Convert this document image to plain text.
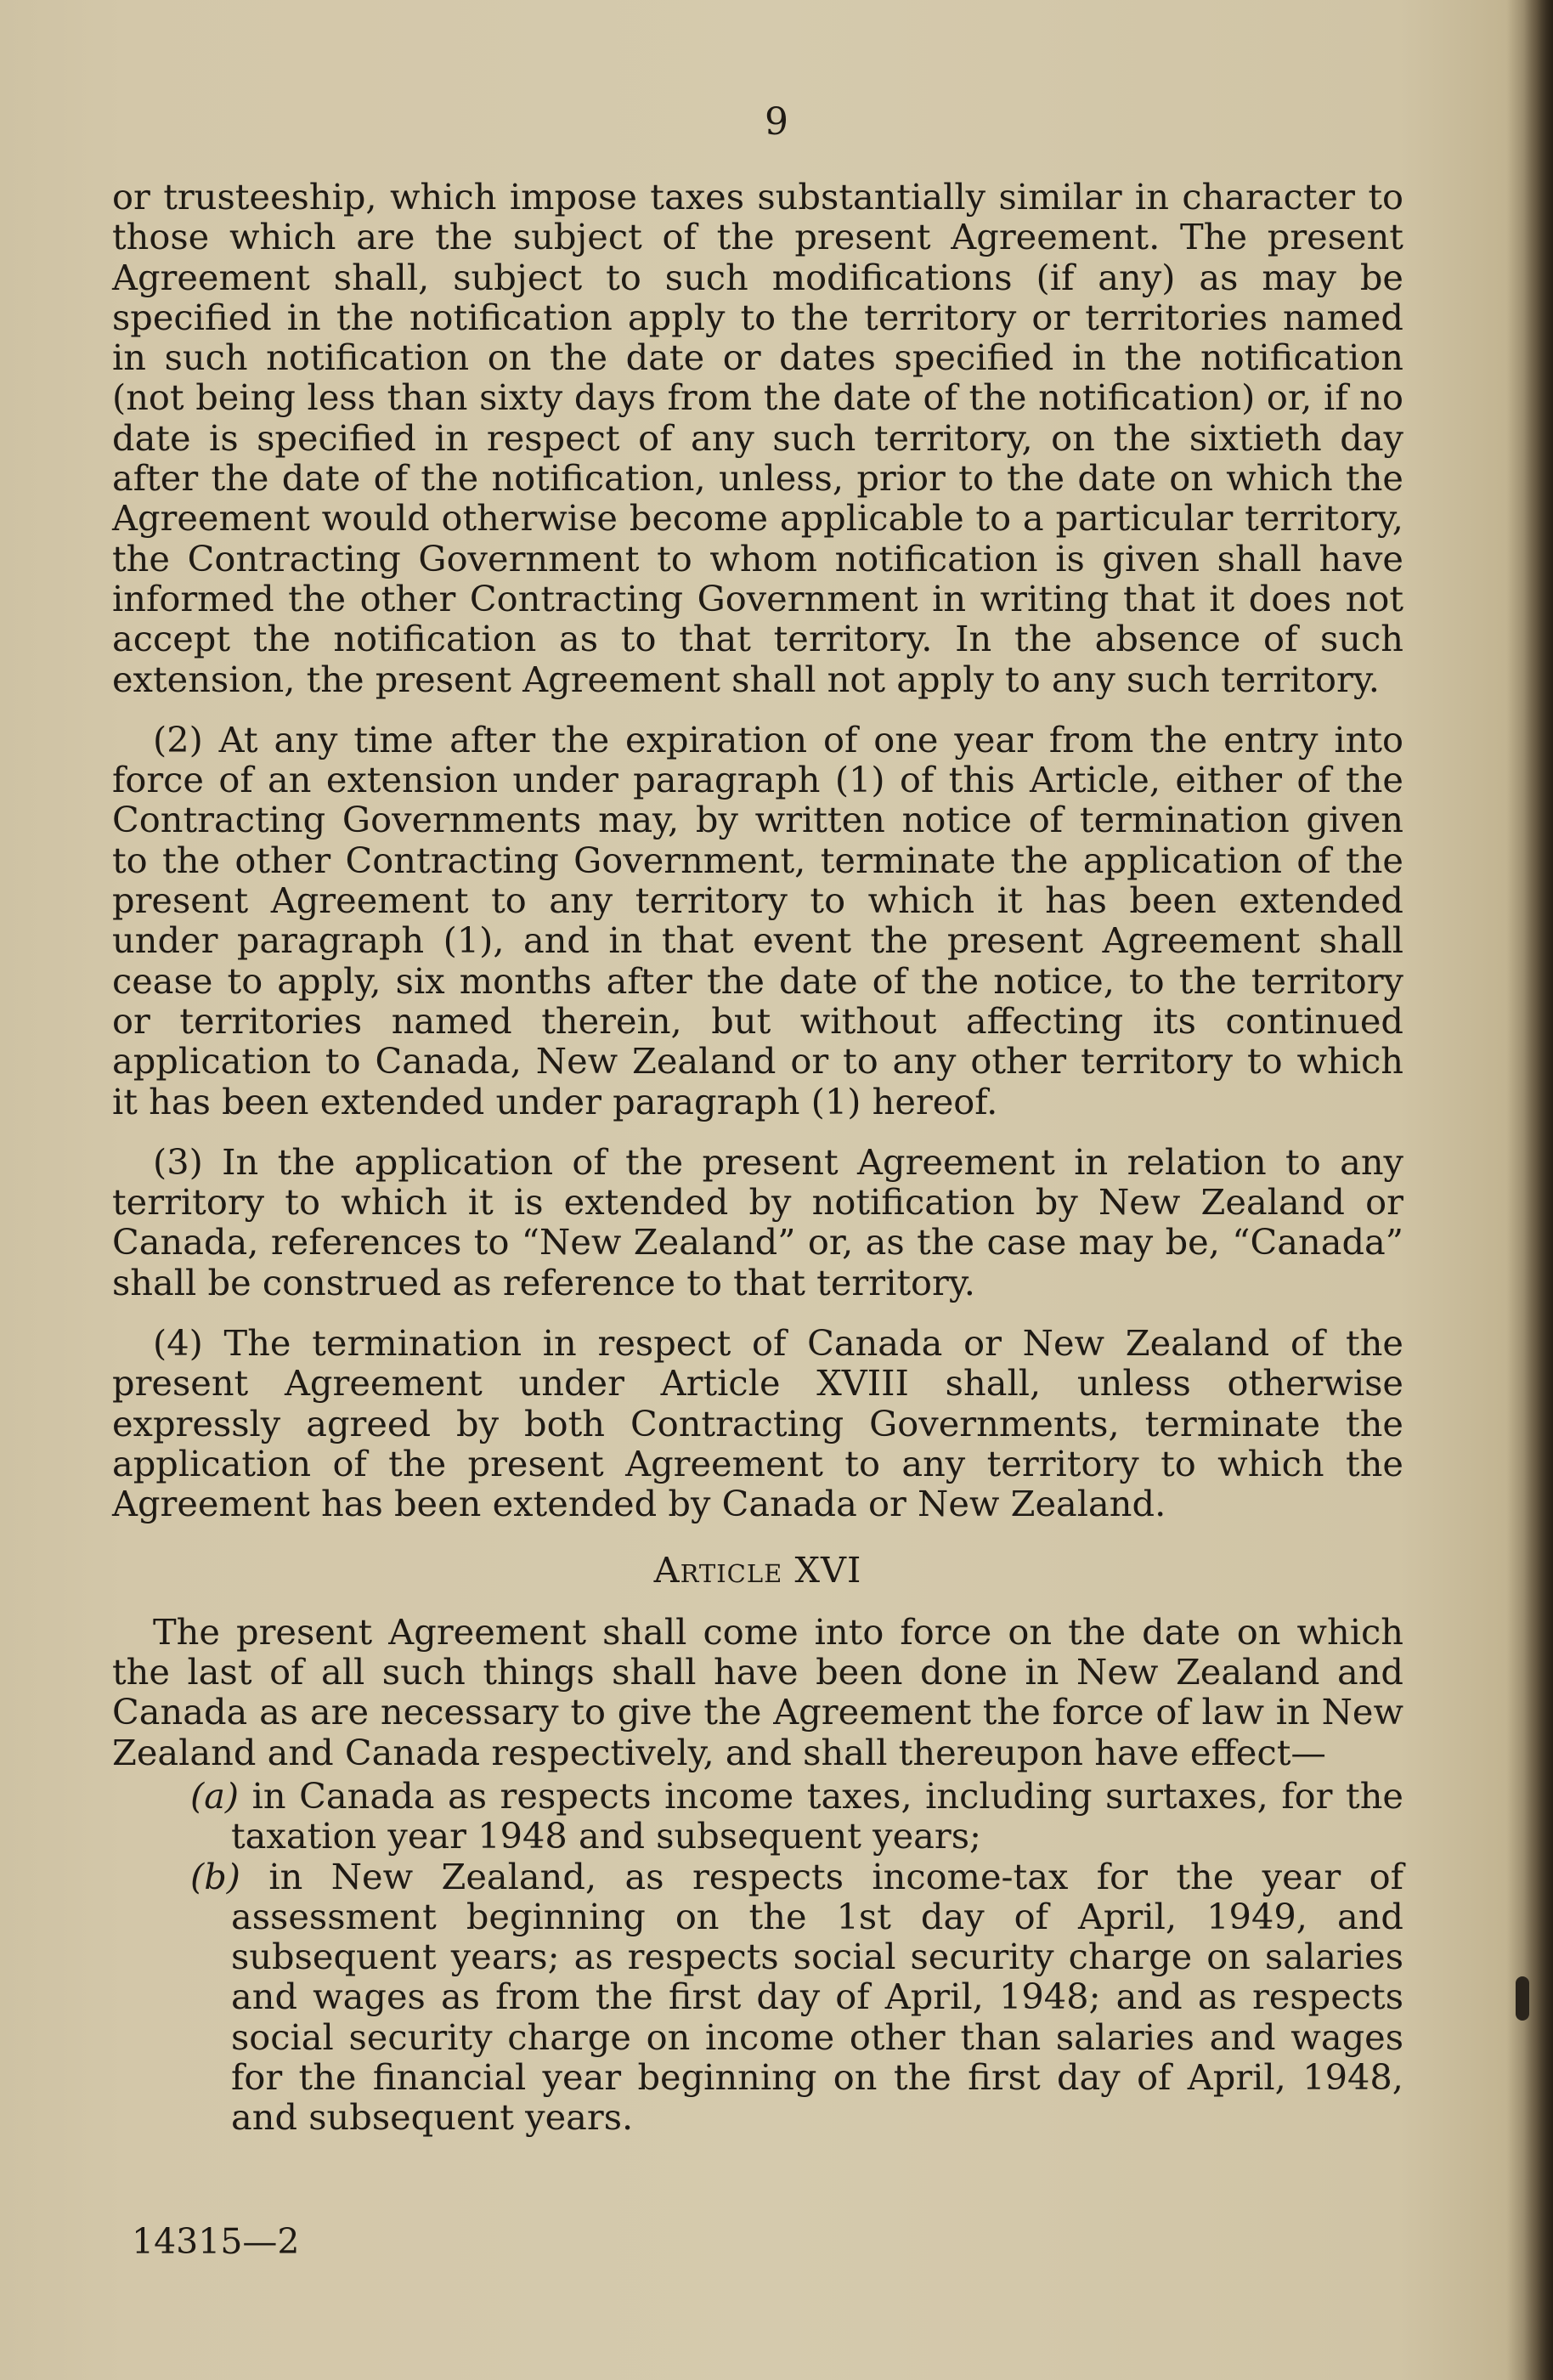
9

or trusteeship, which impose taxes substantially similar in character to those which are the subject of the present Agreement. The present Agreement shall, subject to such modifications (if any) as may be specified in the notification apply to the territory or territories named in such notification on the date or dates specified in the notification (not being less than sixty days from the date of the notification) or, if no date is specified in respect of any such territory, on the sixtieth day after the date of the notification, unless, prior to the date on which the Agreement would otherwise become applicable to a particular territory, the Contracting Government to whom notification is given shall have informed the other Contracting Government in writing that it does not accept the notification as to that territory. In the absence of such extension, the present Agreement shall not apply to any such territory.

(2) At any time after the expiration of one year from the entry into force of an extension under paragraph (1) of this Article, either of the Contracting Governments may, by written notice of termination given to the other Contracting Government, terminate the application of the present Agreement to any territory to which it has been extended under paragraph (1), and in that event the present Agreement shall cease to apply, six months after the date of the notice, to the territory or territories named therein, but without affecting its continued application to Canada, New Zealand or to any other territory to which it has been extended under paragraph (1) hereof.

(3) In the application of the present Agreement in relation to any territory to which it is extended by notification by New Zealand or Canada, references to “New Zealand” or, as the case may be, “Canada” shall be construed as reference to that territory.

(4) The termination in respect of Canada or New Zealand of the present Agreement under Article XVIII shall, unless otherwise expressly agreed by both Contracting Governments, terminate the application of the present Agreement to any territory to which the Agreement has been extended by Canada or New Zealand.

Article XVI

The present Agreement shall come into force on the date on which the last of all such things shall have been done in New Zealand and Canada as are necessary to give the Agreement the force of law in New Zealand and Canada respectively, and shall thereupon have effect—

(a) in Canada as respects income taxes, including surtaxes, for the taxation year 1948 and subsequent years;

(b) in New Zealand, as respects income-tax for the year of assessment beginning on the 1st day of April, 1949, and subsequent years; as respects social security charge on salaries and wages as from the first day of April, 1948; and as respects social security charge on income other than salaries and wages for the financial year beginning on the first day of April, 1948, and subsequent years.

14315—2
